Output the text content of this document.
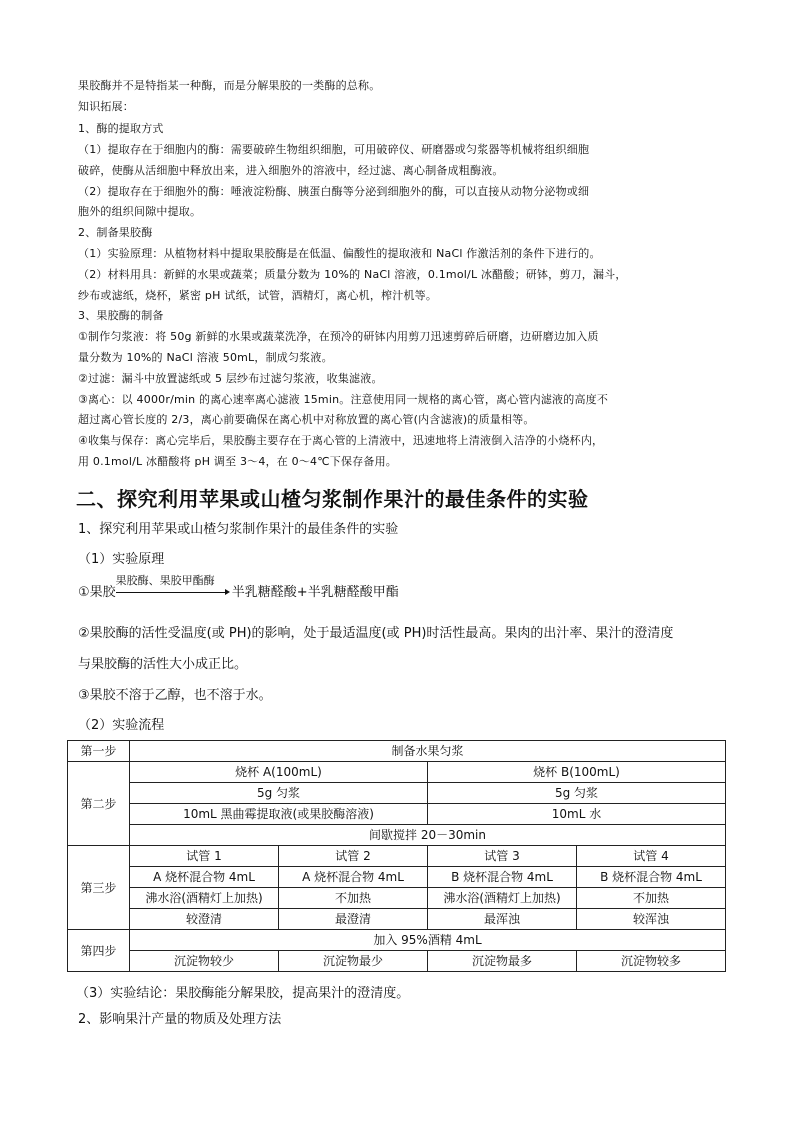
果胶酶并不是特指某一种酶，而是分解果胶的一类酶的总称。
知识拓展：
1、酶的提取方式
（1）提取存在于细胞内的酶：需要破碎生物组织细胞，可用破碎仪、研磨器或匀浆器等机械将组织细胞
破碎，使酶从活细胞中释放出来，进入细胞外的溶液中，经过滤、离心制备成粗酶液。
（2）提取存在于细胞外的酶：唾液淀粉酶、胰蛋白酶等分泌到细胞外的酶，可以直接从动物分泌物或细
胞外的组织间隙中提取。
2、制备果胶酶
（1）实验原理：从植物材料中提取果胶酶是在低温、偏酸性的提取液和 NaCl 作激活剂的条件下进行的。
（2）材料用具：新鲜的水果或蔬菜；质量分数为 10%的 NaCl 溶液，0.1mol/L 冰醋酸；研钵，剪刀，漏斗，
纱布或滤纸，烧杯，紧密 pH 试纸，试管，酒精灯，离心机，榨汁机等。
3、果胶酶的制备
①制作匀浆液：将 50g 新鲜的水果或蔬菜洗净，在预冷的研钵内用剪刀迅速剪碎后研磨，边研磨边加入质
量分数为 10%的 NaCl 溶液 50mL，制成匀浆液。
②过滤：漏斗中放置滤纸或 5 层纱布过滤匀浆液，收集滤液。
③离心：以 4000r/min 的离心速率离心滤液 15min。注意使用同一规格的离心管，离心管内滤液的高度不
超过离心管长度的 2/3，离心前要确保在离心机中对称放置的离心管(内含滤液)的质量相等。
④收集与保存：离心完毕后，果胶酶主要存在于离心管的上清液中，迅速地将上清液倒入洁净的小烧杯内，
用 0.1mol/L 冰醋酸将 pH 调至 3～4，在 0～4℃下保存备用。
二、探究利用苹果或山楂匀浆制作果汁的最佳条件的实验
1、探究利用苹果或山楂匀浆制作果汁的最佳条件的实验
（1）实验原理
①果胶
果胶酶、果胶甲酯酶
半乳糖醛酸+半乳糖醛酸甲酯
②果胶酶的活性受温度(或 PH)的影响，处于最适温度(或 PH)时活性最高。果肉的出汁率、果汁的澄清度
与果胶酶的活性大小成正比。
③果胶不溶于乙醇，也不溶于水。
（2）实验流程
第一步	制备水果匀浆			
第二步	烧杯 A(100mL)		烧杯 B(100mL)	
	5g 匀浆		5g 匀浆	
	10mL 黑曲霉提取液(或果胶酶溶液)		10mL 水	
	间歇搅拌 20－30min			
第三步	试管 1	试管 2	试管 3	试管 4
	A 烧杯混合物 4mL	A 烧杯混合物 4mL	B 烧杯混合物 4mL	B 烧杯混合物 4mL
	沸水浴(酒精灯上加热)	不加热	沸水浴(酒精灯上加热)	不加热
	较澄清	最澄清	最浑浊	较浑浊
第四步	加入 95%酒精 4mL			
	沉淀物较少	沉淀物最少	沉淀物最多	沉淀物较多
（3）实验结论：果胶酶能分解果胶，提高果汁的澄清度。
2、影响果汁产量的物质及处理方法
